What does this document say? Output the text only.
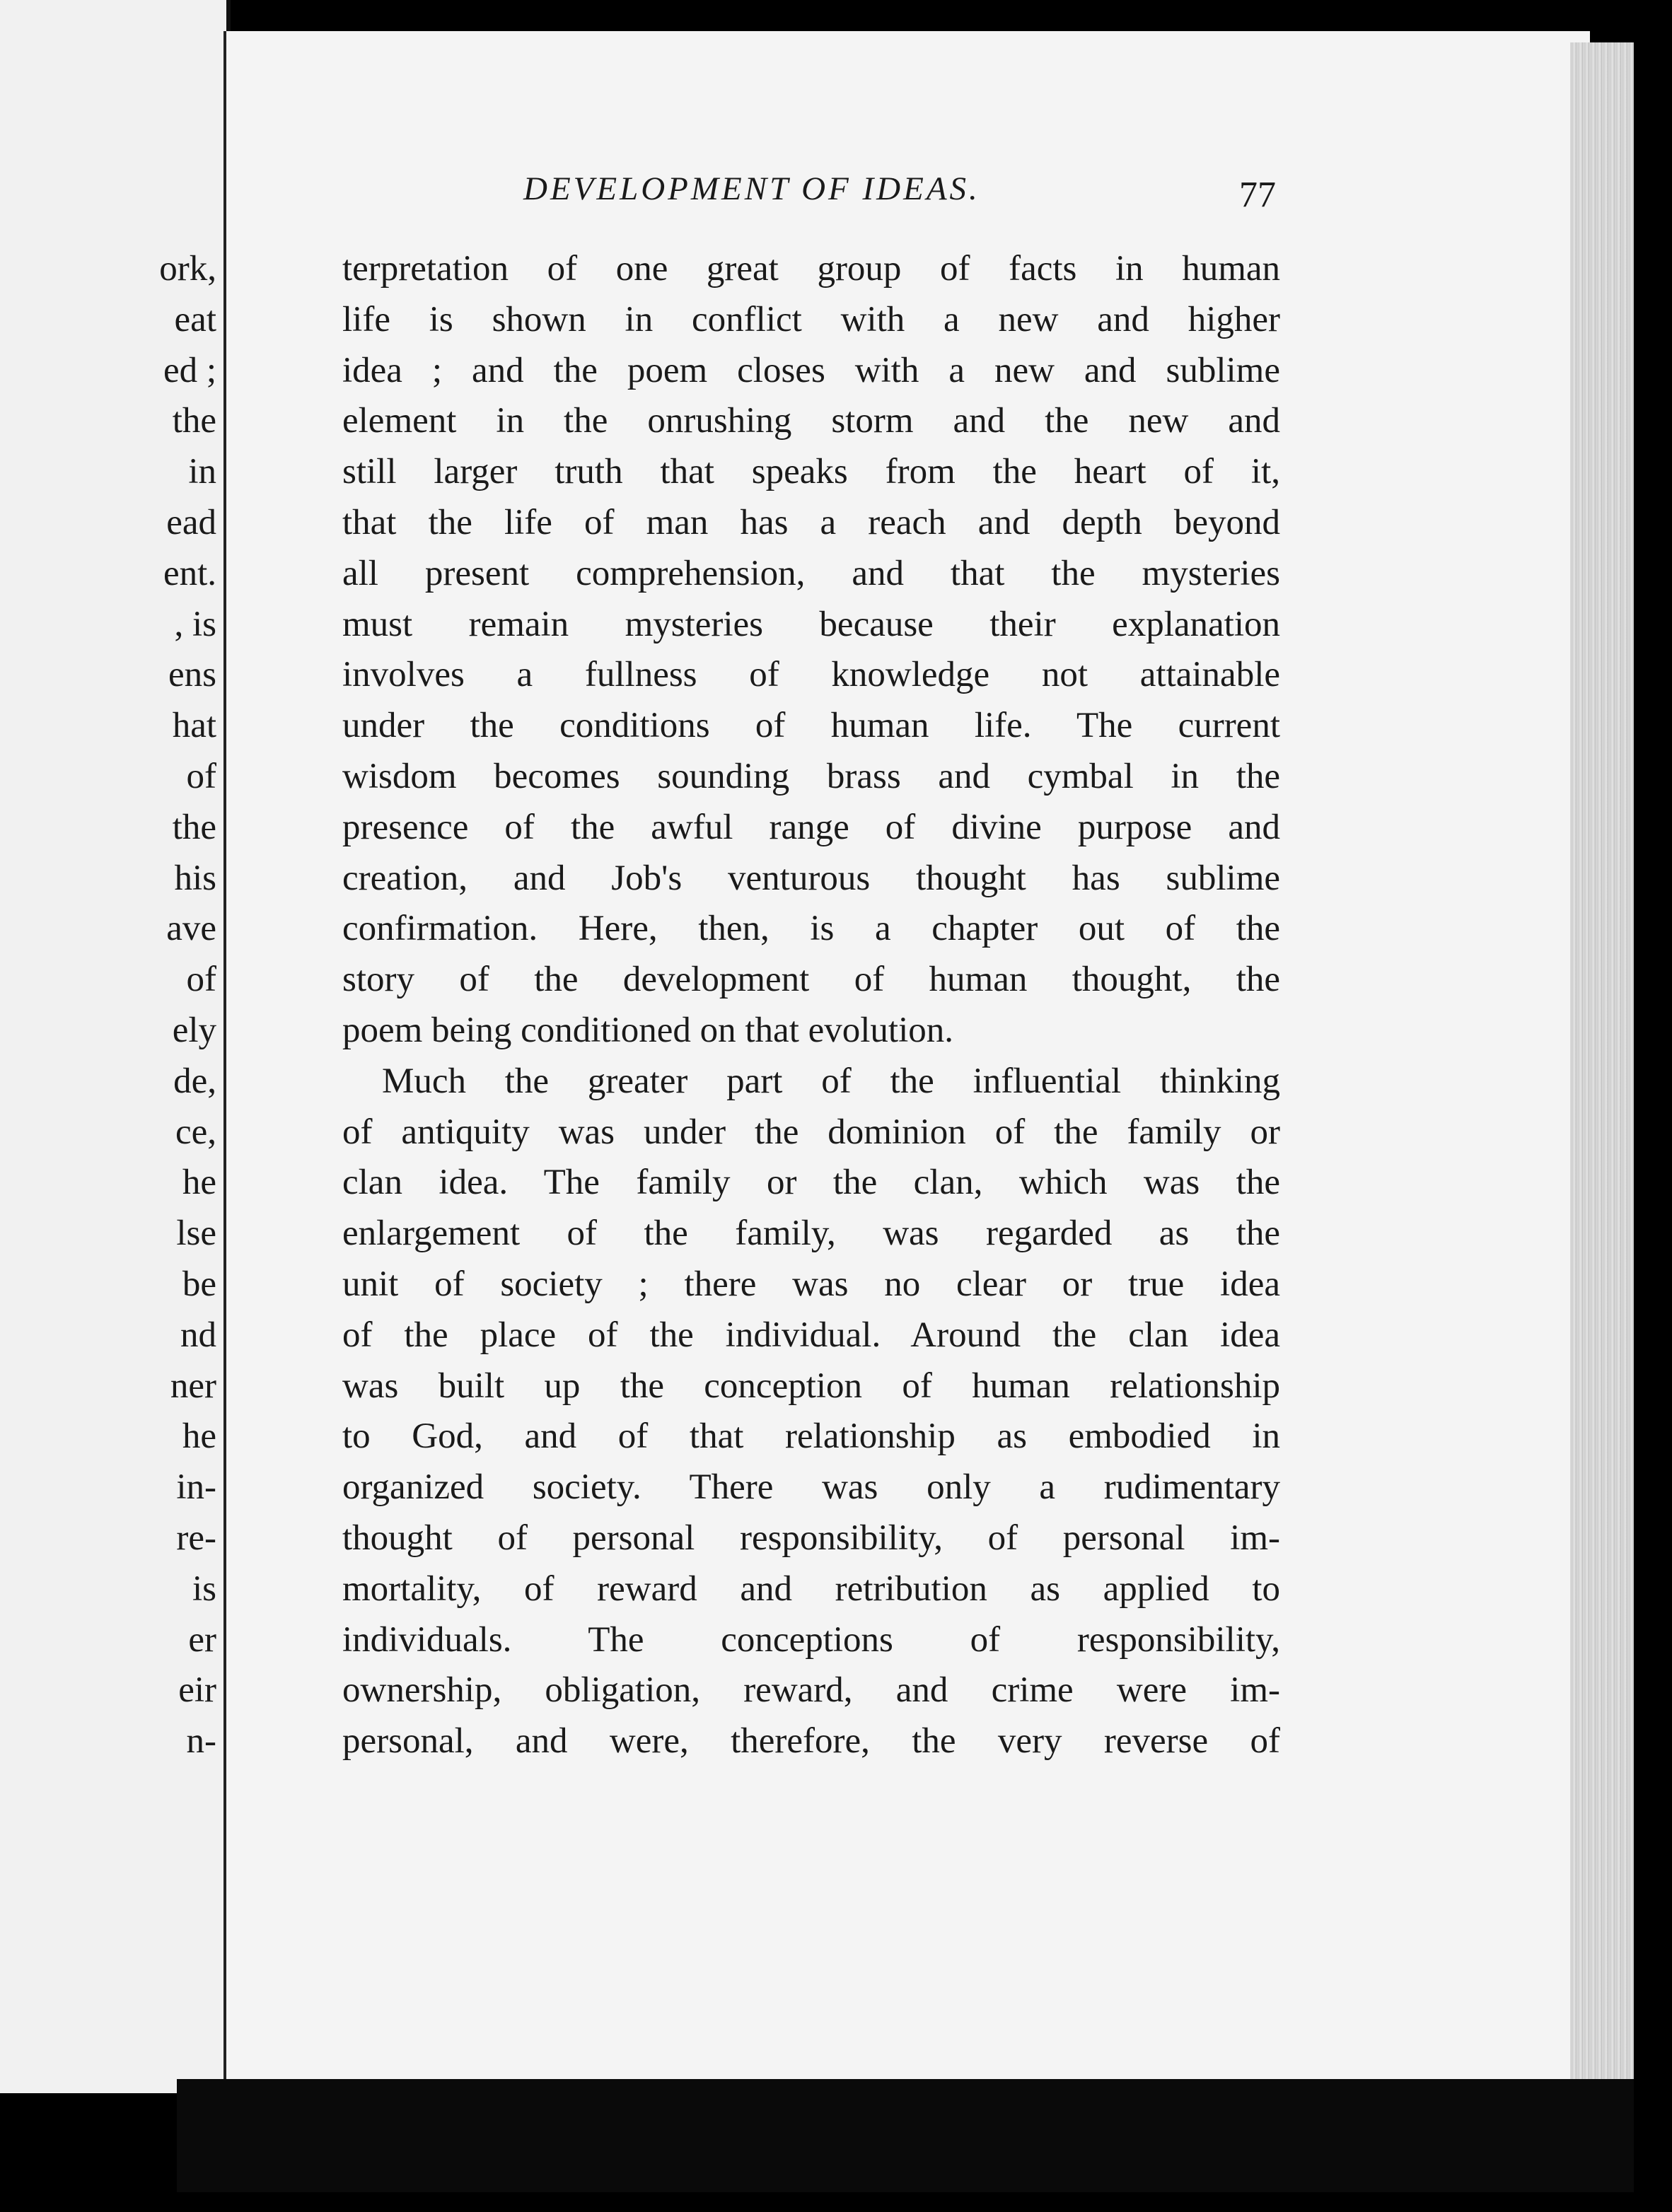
ork,
eat
ed ;
the
in
ead
ent.
, is
ens
hat
of
the
his
ave
of
ely
de,
ce,
he
lse
be
nd
ner
he
in-
re-
is
er
eir
n-
DEVELOPMENT OF IDEAS.	77
terpretation of one great group of facts in human
life is shown in conflict with a new and higher
idea ; and the poem closes with a new and sublime
element in the onrushing storm and the new and
still larger truth that speaks from the heart of it,
that the life of man has a reach and depth beyond
all present comprehension, and that the mysteries
must remain mysteries because their explanation
involves a fullness of knowledge not attainable
under the conditions of human life. The current
wisdom becomes sounding brass and cymbal in the
presence of the awful range of divine purpose and
creation, and Job's venturous thought has sublime
confirmation. Here, then, is a chapter out of the
story of the development of human thought, the
poem being conditioned on that evolution.
Much the greater part of the influential thinking
of antiquity was under the dominion of the family or
clan idea. The family or the clan, which was the
enlargement of the family, was regarded as the
unit of society ; there was no clear or true idea
of the place of the individual. Around the clan idea
was built up the conception of human relationship
to God, and of that relationship as embodied in
organized society. There was only a rudimentary
thought of personal responsibility, of personal im-
mortality, of reward and retribution as applied to
individuals. The conceptions of responsibility,
ownership, obligation, reward, and crime were im-
personal, and were, therefore, the very reverse of
